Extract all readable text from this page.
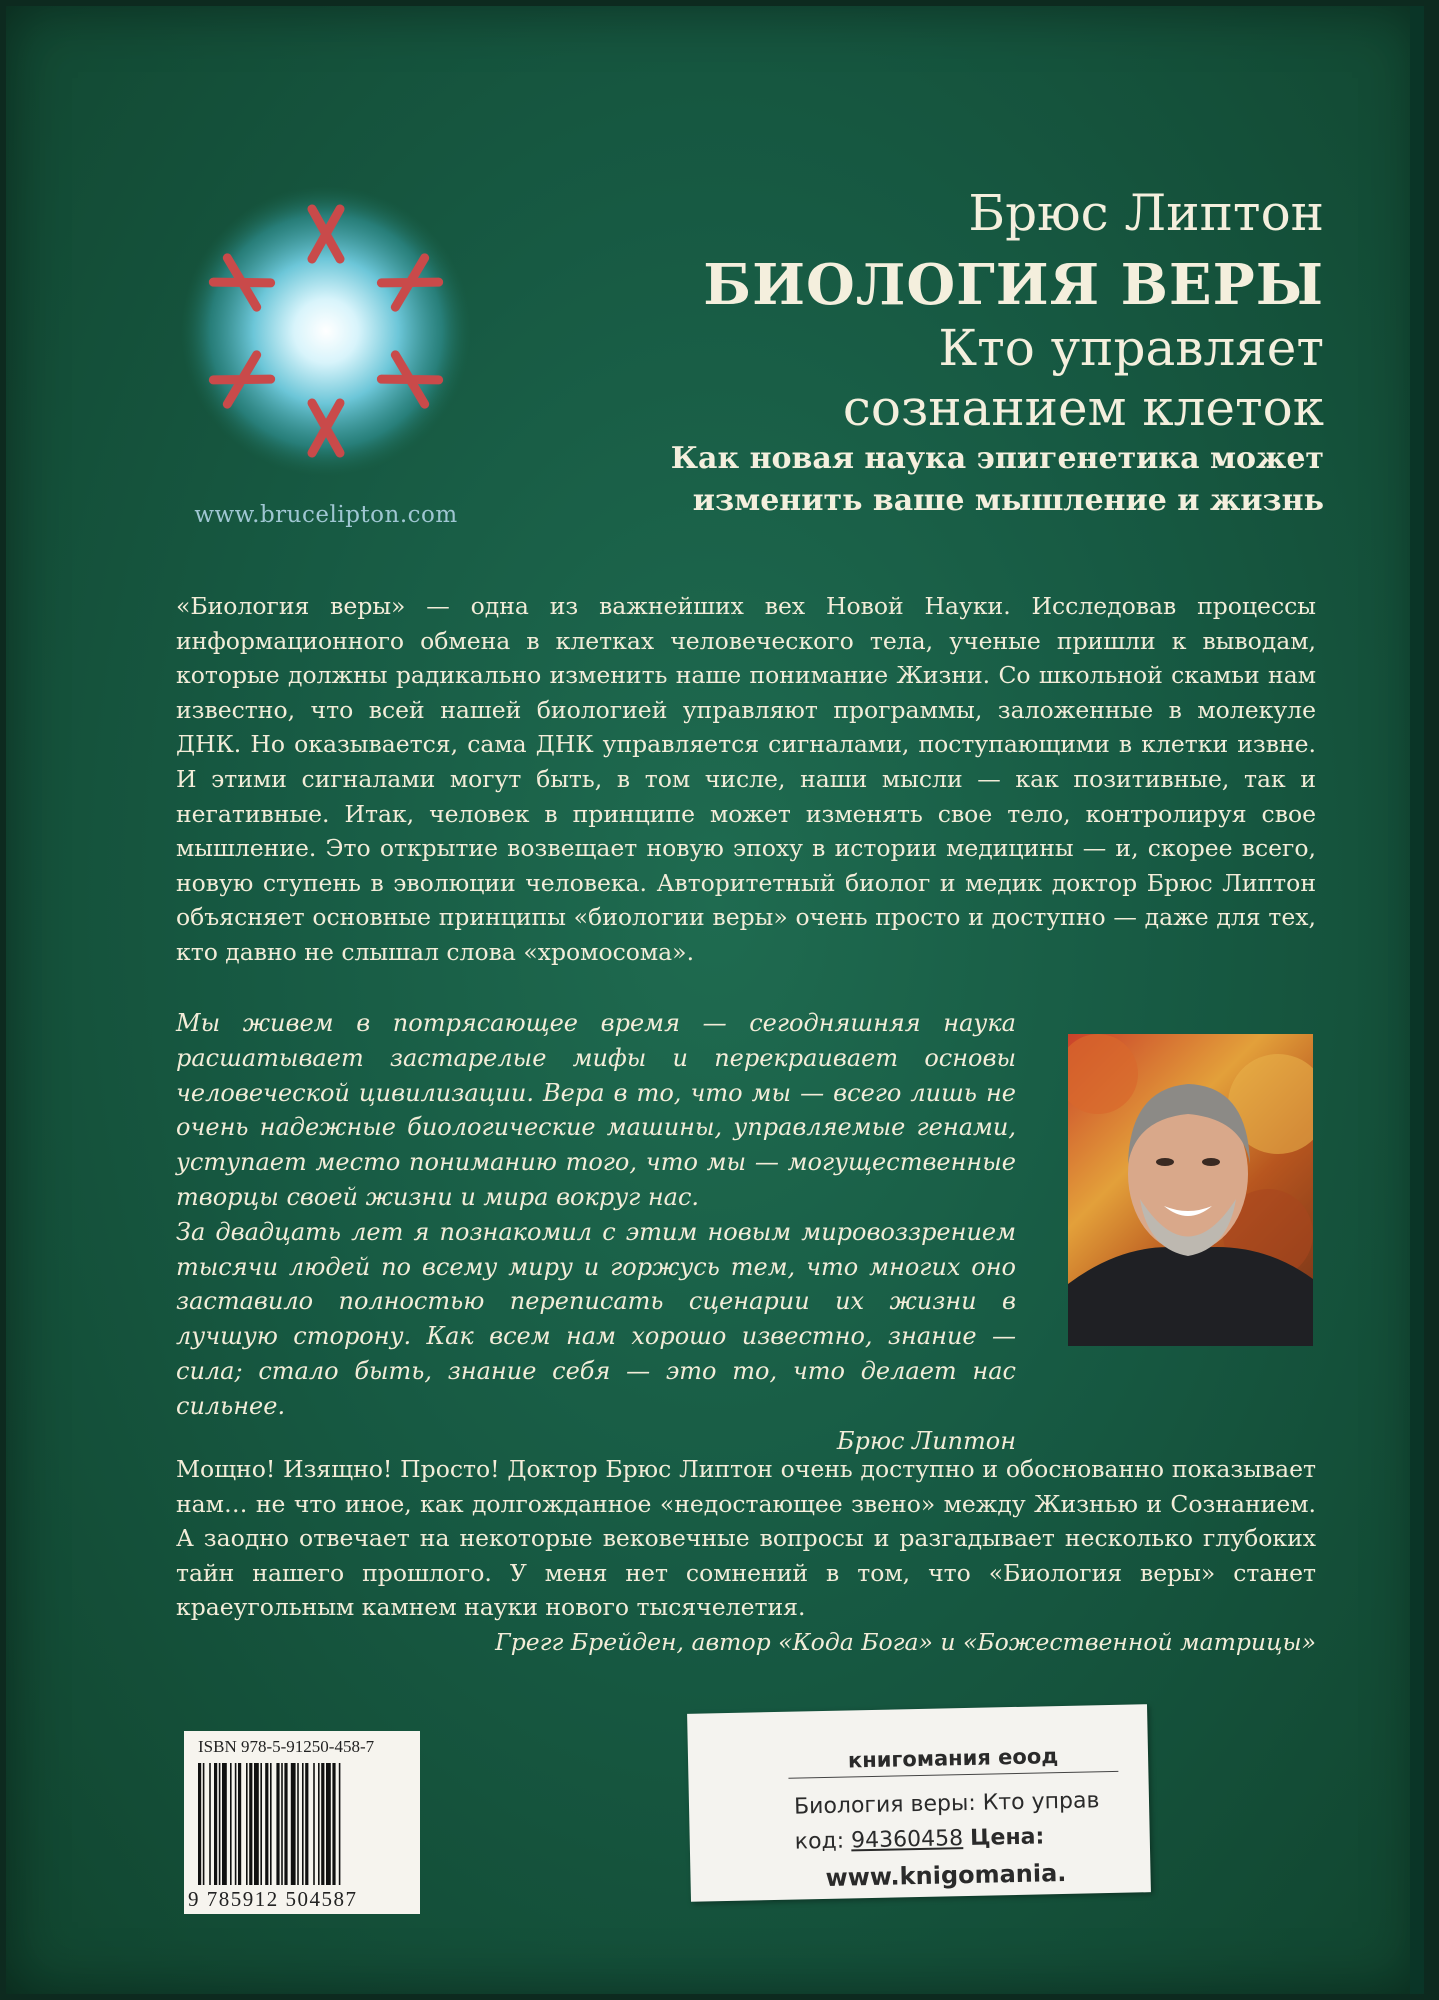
www.brucelipton.com
Брюс Липтон
БИОЛОГИЯ ВЕРЫ
Кто управляет
сознанием клеток
Как новая наука эпигенетика может
изменить ваше мышление и жизнь
«Биология веры» — одна из важнейших вех Новой Науки. Исследовав процессы информационного обмена в клетках человеческого тела, ученые пришли к выводам, которые должны радикально изменить наше понимание Жизни. Со школьной скамьи нам известно, что всей нашей биологией управляют программы, заложенные в молекуле ДНК. Но оказывается, сама ДНК управляется сигналами, поступающими в клетки извне. И этими сигналами могут быть, в том числе, наши мысли — как позитивные, так и негативные. Итак, человек в принципе может изменять свое тело, контролируя свое мышление. Это открытие возвещает новую эпоху в истории медицины — и, скорее всего, новую ступень в эволюции человека. Авторитетный биолог и медик доктор Брюс Липтон объясняет основные принципы «биологии веры» очень просто и доступно — даже для тех, кто давно не слышал слова «хромосома».

Мы живем в потрясающее время — сегодняшняя наука расшатывает застарелые мифы и перекраивает основы человеческой цивилизации. Вера в то, что мы — всего лишь не очень надежные биологические машины, управляемые генами, уступает место пониманию того, что мы — могущественные творцы своей жизни и мира вокруг нас.

За двадцать лет я познакомил с этим новым мировоззрением тысячи людей по всему миру и горжусь тем, что многих оно заставило полностью переписать сценарии их жизни в лучшую сторону. Как всем нам хорошо известно, знание — сила; стало быть, знание себя — это то, что делает нас сильнее.

Брюс Липтон

Мощно! Изящно! Просто! Доктор Брюс Липтон очень доступно и обоснованно показывает нам… не что иное, как долгожданное «недостающее звено» между Жизнью и Сознанием. А заодно отвечает на некоторые вековечные вопросы и разгадывает несколько глубоких тайн нашего прошлого. У меня нет сомнений в том, что «Биология веры» станет краеугольным камнем науки нового тысячелетия.
Грегг Брейден, автор «Кода Бога» и «Божественной матрицы»
ISBN 978-5-91250-458-7
9 785912 504587
книгомания еоод
Биология веры: Кто управ
код: 94360458 Цена:
www.knigomania.
